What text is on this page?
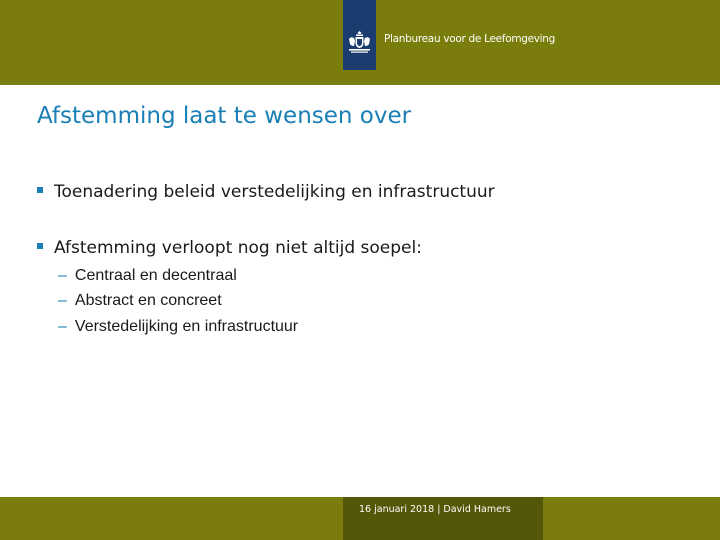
Planbureau voor de Leefomgeving
Afstemming laat te wensen over
Toenadering beleid verstedelijking en infrastructuur
Afstemming verloopt nog niet altijd soepel:
– Centraal en decentraal
– Abstract en concreet
– Verstedelijking en infrastructuur
16 januari 2018 | David Hamers
